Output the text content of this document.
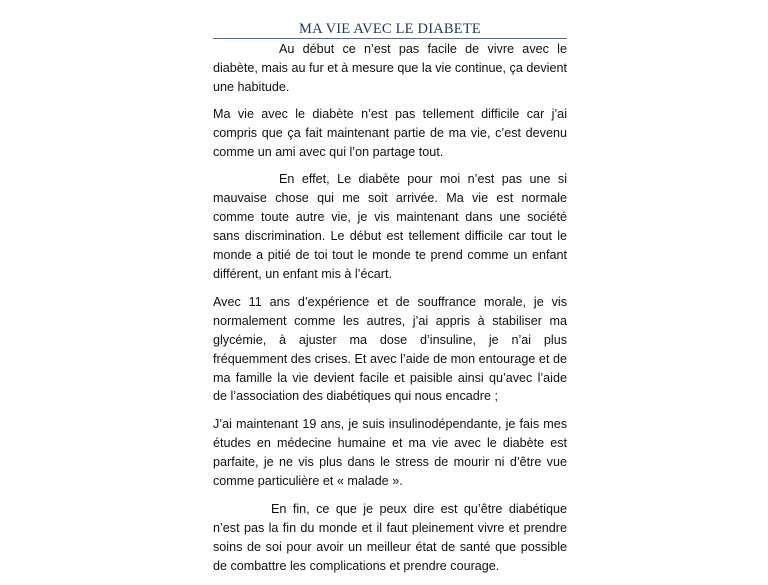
MA VIE AVEC LE DIABETE

Au début ce n’est pas facile de vivre avec le diabète, mais au fur et à mesure que la vie continue, ça devient une habitude.

Ma vie avec le diabète n’est pas tellement difficile car j’ai compris que ça fait maintenant partie de ma vie, c’est devenu comme un ami avec qui l’on partage tout.

En effet, Le diabète pour moi n’est pas une si mauvaise chose qui me soit arrivée. Ma vie est normale comme toute autre vie, je vis maintenant dans une société sans discrimination. Le début est tellement difficile car tout le monde a pitié de toi tout le monde te prend comme un enfant différent, un enfant mis à l’écart.

Avec 11 ans d’expérience et de souffrance morale, je vis normalement comme les autres, j’ai appris à stabiliser ma glycémie, à ajuster ma dose d’insuline, je n’ai plus fréquemment des crises. Et avec l’aide de mon entourage et de ma famille la vie devient facile et paisible ainsi qu’avec l’aide de l’association des diabétiques qui nous encadre ;

J’ai maintenant 19 ans, je suis insulinodépendante, je fais mes études en médecine humaine et ma vie avec le diabète est parfaite, je ne vis plus dans le stress de mourir ni d’être vue comme particulière et « malade ».

En fin, ce que je peux dire est qu’être diabétique n’est pas la fin du monde et il faut pleinement vivre et prendre soins de soi pour avoir un meilleur état de santé que possible de combattre les complications et prendre courage.
